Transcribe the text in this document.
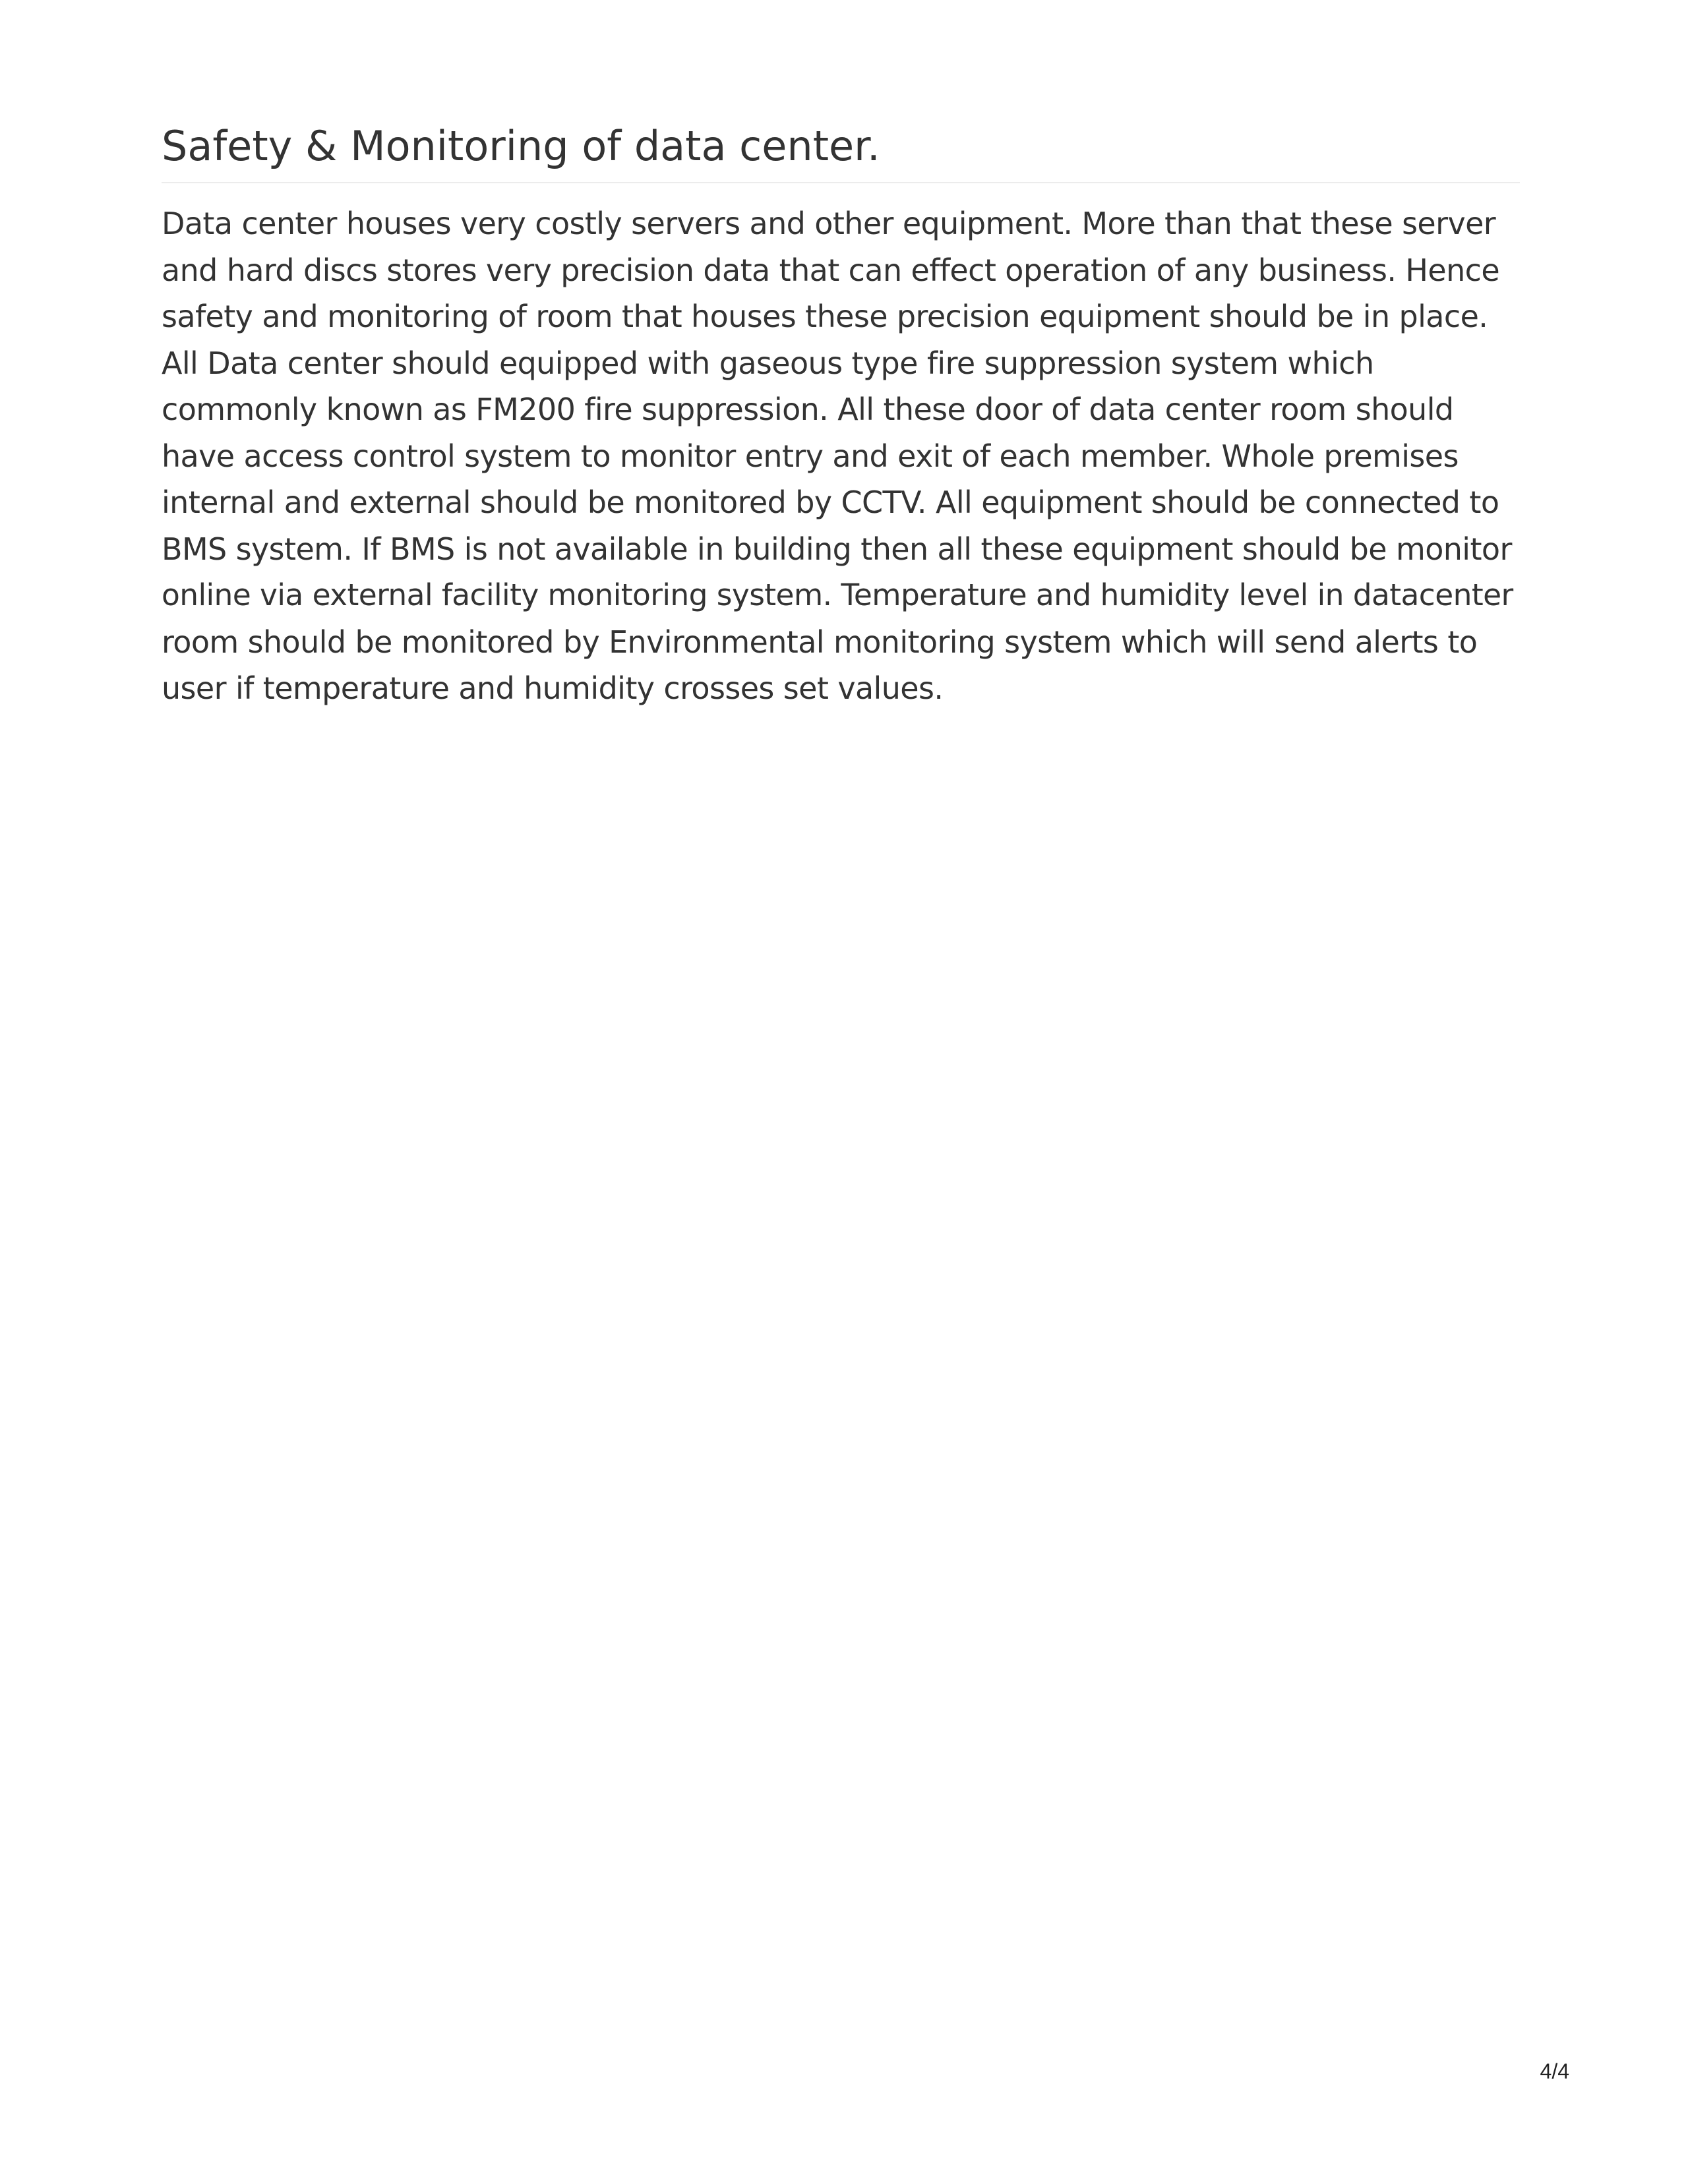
Safety & Monitoring of data center.

Data center houses very costly servers and other equipment. More than that these server
and hard discs stores very precision data that can effect operation of any business. Hence
safety and monitoring of room that houses these precision equipment should be in place.
All Data center should equipped with gaseous type fire suppression system which
commonly known as FM200 fire suppression. All these door of data center room should
have access control system to monitor entry and exit of each member. Whole premises
internal and external should be monitored by CCTV. All equipment should be connected to
BMS system. If BMS is not available in building then all these equipment should be monitor
online via external facility monitoring system. Temperature and humidity level in datacenter
room should be monitored by Environmental monitoring system which will send alerts to
user if temperature and humidity crosses set values.

4/4
